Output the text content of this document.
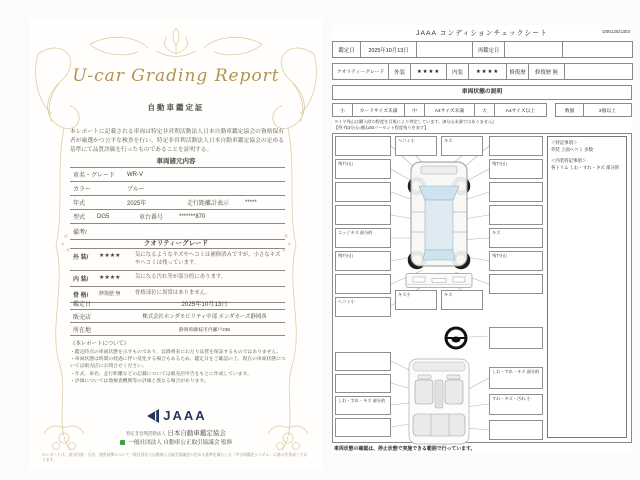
U-car Grading Report
自動車鑑定証
本レポートに記載される車両は特定非営利活動法人日本自動車鑑定協会の資格保有者が厳選かつ公平な検査を行い、特定非営利活動法人日本自動車鑑定協会の定める基準にて品質評価を行ったものであることを証明する。
車両諸元内容
車名・グレード	WR-V
カラー	ブルー
年式	2025年	走行距離計表示	*****
型式	DG5	車台番号	*******870
備考/
クオリティーグレード
外 装/	★★★★	気になるようなキズやヘコミは補修済みですが、小さなキズやヘコミは残っています。
内 装/	★★★★	気になる汚れ等が部分的にあります。
骨 格/	修復歴 無	骨格部位に異常はありません。
鑑定日	2025年10月13日
販売店	株式会社ホンダモビリティ中部 ホンダカーズ静岡西
所在地	静岡県藤枝市内瀬戸235
《本レポートについて》
・鑑定時点の車両状態を示すものであり、以降将来にわたり品質を保証するものではありません。
・車両状態は時間の経過に伴い変化する場合もあるため、鑑定日をご確認の上、現在の車両状態については販売店にお問合せください。
・年式、車名、走行距離などの記載については販売店申告をもとに作成しています。
・評価については他検査機関等の評価と異なる場合があります。
JAAA
特定非営利活動法人 日本自動車鑑定協会
一般社団法人 自動車公正取引協議会 監修
※レポートは、表示内容・方法、運用基準について一般社団法人自動車公正取引協議会の定める基準を満たした「中古車鑑定システム」に基づき作成しております。
JAAA コンディションチェックシート	D05125/1303
鑑定日	2025年10月13日		再鑑定日		
クオリティーグレード	外装	★★★★	内装	★★★★	修復歴	修復歴 無	
車両状態の説明
小	カードサイズ未満	中	A4サイズ未満	大	A4サイズ以上	数個	2個以上
タイヤ残山は購入時の程度を目視により判定しています。(5分山未満ではありません)
【例 残3分山=概ね50パーセント程度残りを表す】
残7分山
エッジキズ 部分的
残7分山
ヘコミ小
ヘコミ小	キズ
残7分山
キズ
残7分山
キズ小	キズ
しわ・すれ・キズ 部分的
しわ・すれ・キズ 部分的
すれ・キズ・汚れ 小
＜特記事項＞
外装 上面ヘコミ 多数
＜内装特記事項＞
各トリム しわ・すれ・キズ 部分的
車両状態の確認は、停止状態で実施できる範囲で行っています。
